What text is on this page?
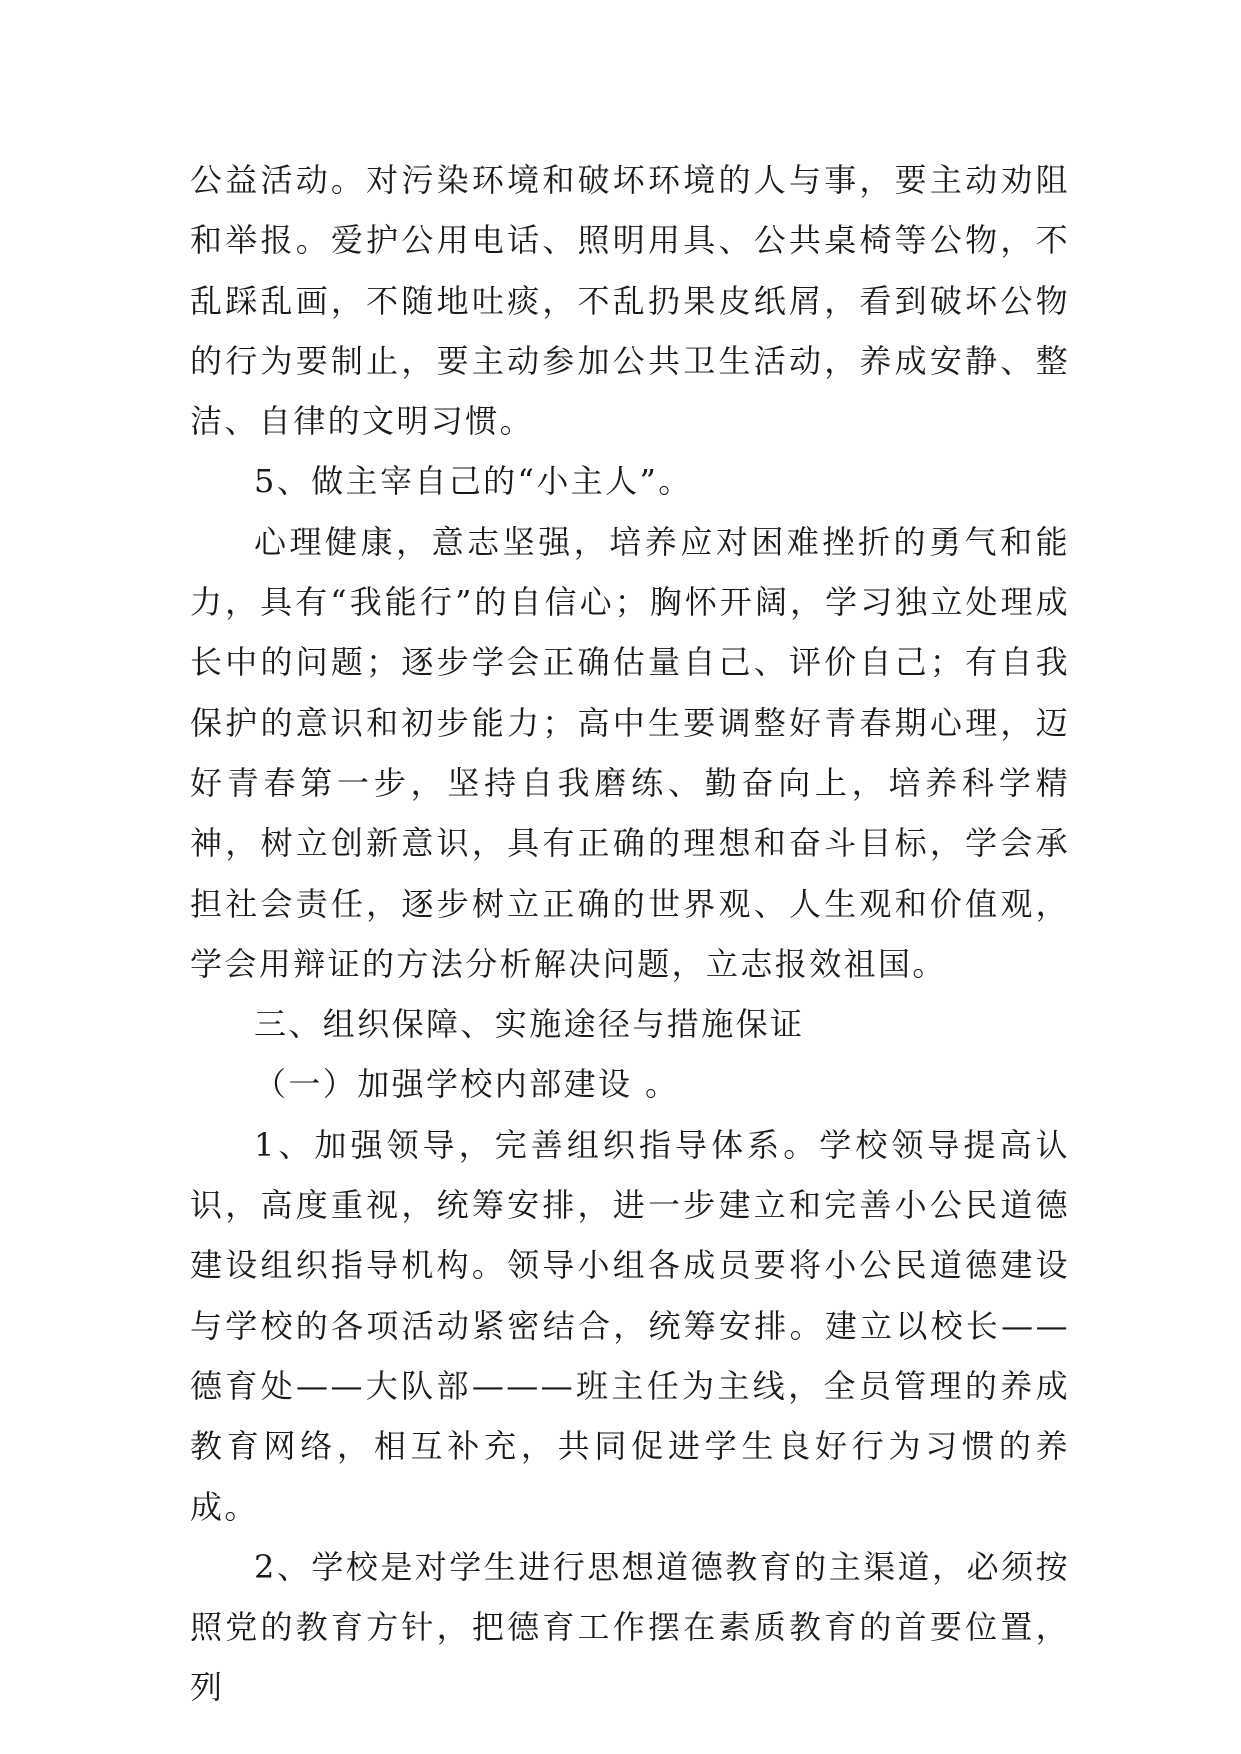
公益活动。对污染环境和破坏环境的人与事，要主动劝阻和举报。爱护公用电话、照明用具、公共桌椅等公物，不乱踩乱画，不随地吐痰，不乱扔果皮纸屑，看到破坏公物的行为要制止，要主动参加公共卫生活动，养成安静、整洁、自律的文明习惯。

5、做主宰自己的“小主人”。

心理健康，意志坚强，培养应对困难挫折的勇气和能力，具有“我能行”的自信心；胸怀开阔，学习独立处理成长中的问题；逐步学会正确估量自己、评价自己；有自我保护的意识和初步能力；高中生要调整好青春期心理，迈好青春第一步，坚持自我磨练、勤奋向上，培养科学精神，树立创新意识，具有正确的理想和奋斗目标，学会承担社会责任，逐步树立正确的世界观、人生观和价值观，学会用辩证的方法分析解决问题，立志报效祖国。

三、组织保障、实施途径与措施保证

（一）加强学校内部建设 。

1、加强领导，完善组织指导体系。学校领导提高认识，高度重视，统筹安排，进一步建立和完善小公民道德建设组织指导机构。领导小组各成员要将小公民道德建设与学校的各项活动紧密结合，统筹安排。建立以校长——德育处——大队部———班主任为主线，全员管理的养成教育网络，相互补充，共同促进学生良好行为习惯的养成。

2、学校是对学生进行思想道德教育的主渠道，必须按照党的教育方针，把德育工作摆在素质教育的首要位置，列
